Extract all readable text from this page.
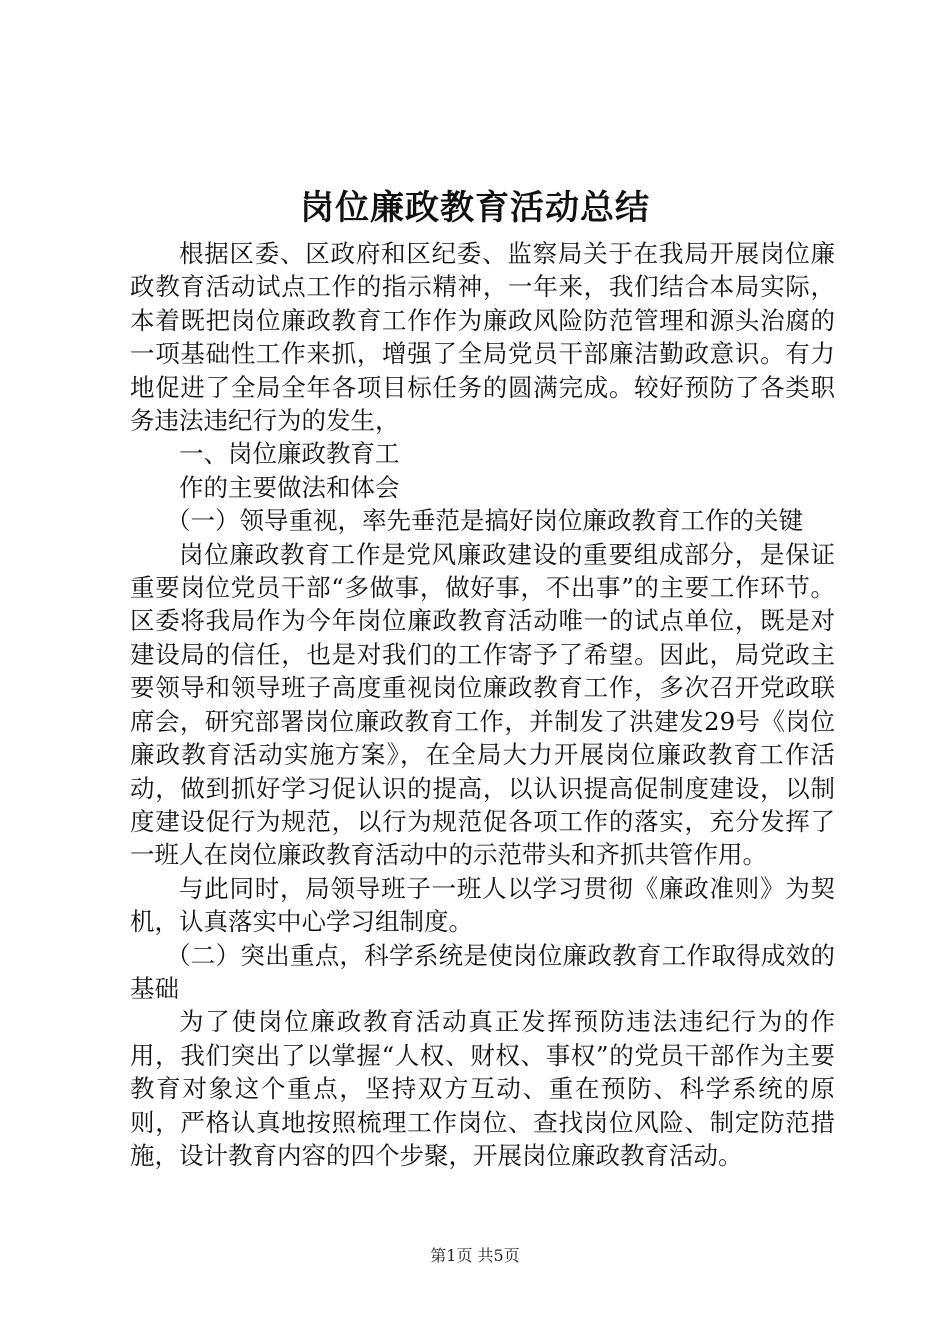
岗位廉政教育活动总结

根据区委、区政府和区纪委、监察局关于在我局开展岗位廉政教育活动试点工作的指示精神，一年来，我们结合本局实际，本着既把岗位廉政教育工作作为廉政风险防范管理和源头治腐的一项基础性工作来抓，增强了全局党员干部廉洁勤政意识。有力地促进了全局全年各项目标任务的圆满完成。较好预防了各类职务违法违纪行为的发生，

一、岗位廉政教育工

作的主要做法和体会

（一）领导重视，率先垂范是搞好岗位廉政教育工作的关键

岗位廉政教育工作是党风廉政建设的重要组成部分，是保证重要岗位党员干部“多做事，做好事，不出事”的主要工作环节。区委将我局作为今年岗位廉政教育活动唯一的试点单位，既是对建设局的信任，也是对我们的工作寄予了希望。因此，局党政主要领导和领导班子高度重视岗位廉政教育工作，多次召开党政联席会，研究部署岗位廉政教育工作，并制发了洪建发29号《岗位廉政教育活动实施方案》，在全局大力开展岗位廉政教育工作活动，做到抓好学习促认识的提高，以认识提高促制度建设，以制度建设促行为规范，以行为规范促各项工作的落实，充分发挥了一班人在岗位廉政教育活动中的示范带头和齐抓共管作用。

与此同时，局领导班子一班人以学习贯彻《廉政准则》为契机，认真落实中心学习组制度。

（二）突出重点，科学系统是使岗位廉政教育工作取得成效的基础

为了使岗位廉政教育活动真正发挥预防违法违纪行为的作用，我们突出了以掌握“人权、财权、事权”的党员干部作为主要教育对象这个重点，坚持双方互动、重在预防、科学系统的原则，严格认真地按照梳理工作岗位、查找岗位风险、制定防范措施，设计教育内容的四个步聚，开展岗位廉政教育活动。

第1页 共5页
